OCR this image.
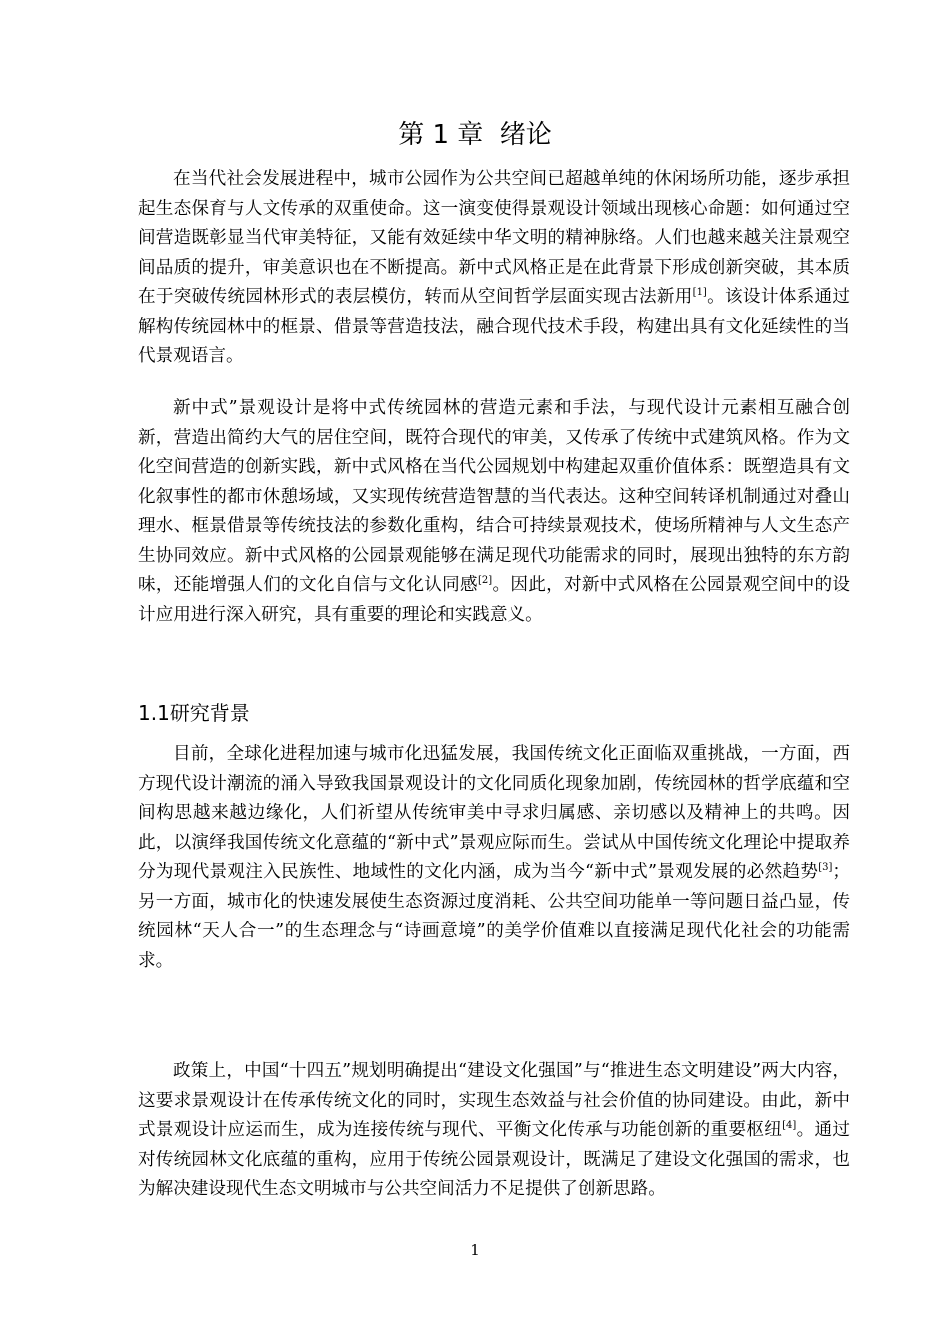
第 1 章 绪论

在当代社会发展进程中，城市公园作为公共空间已超越单纯的休闲场所功能，逐步承担起生态保育与人文传承的双重使命。这一演变使得景观设计领域出现核心命题：如何通过空间营造既彰显当代审美特征，又能有效延续中华文明的精神脉络。人们也越来越关注景观空间品质的提升，审美意识也在不断提高。新中式风格正是在此背景下形成创新突破，其本质在于突破传统园林形式的表层模仿，转而从空间哲学层面实现古法新用[1]。该设计体系通过解构传统园林中的框景、借景等营造技法，融合现代技术手段，构建出具有文化延续性的当代景观语言。

新中式”景观设计是将中式传统园林的营造元素和手法，与现代设计元素相互融合创新，营造出简约大气的居住空间，既符合现代的审美，又传承了传统中式建筑风格。作为文化空间营造的创新实践，新中式风格在当代公园规划中构建起双重价值体系：既塑造具有文化叙事性的都市休憩场域，又实现传统营造智慧的当代表达。这种空间转译机制通过对叠山理水、框景借景等传统技法的参数化重构，结合可持续景观技术，使场所精神与人文生态产生协同效应。新中式风格的公园景观能够在满足现代功能需求的同时，展现出独特的东方韵味，还能增强人们的文化自信与文化认同感[2]。因此，对新中式风格在公园景观空间中的设计应用进行深入研究，具有重要的理论和实践意义。

1.1研究背景

目前，全球化进程加速与城市化迅猛发展，我国传统文化正面临双重挑战，一方面，西方现代设计潮流的涌入导致我国景观设计的文化同质化现象加剧，传统园林的哲学底蕴和空间构思越来越边缘化，人们祈望从传统审美中寻求归属感、亲切感以及精神上的共鸣。因此，以演绎我国传统文化意蕴的“新中式”景观应际而生。尝试从中国传统文化理论中提取养分为现代景观注入民族性、地域性的文化内涵，成为当今“新中式”景观发展的必然趋势[3]；另一方面，城市化的快速发展使生态资源过度消耗、公共空间功能单一等问题日益凸显，传统园林“天人合一”的生态理念与“诗画意境”的美学价值难以直接满足现代化社会的功能需求。

政策上，中国“十四五”规划明确提出“建设文化强国”与“推进生态文明建设”两大内容，这要求景观设计在传承传统文化的同时，实现生态效益与社会价值的协同建设。由此，新中式景观设计应运而生，成为连接传统与现代、平衡文化传承与功能创新的重要枢纽[4]。通过对传统园林文化底蕴的重构，应用于传统公园景观设计，既满足了建设文化强国的需求，也为解决建设现代生态文明城市与公共空间活力不足提供了创新思路。

1
